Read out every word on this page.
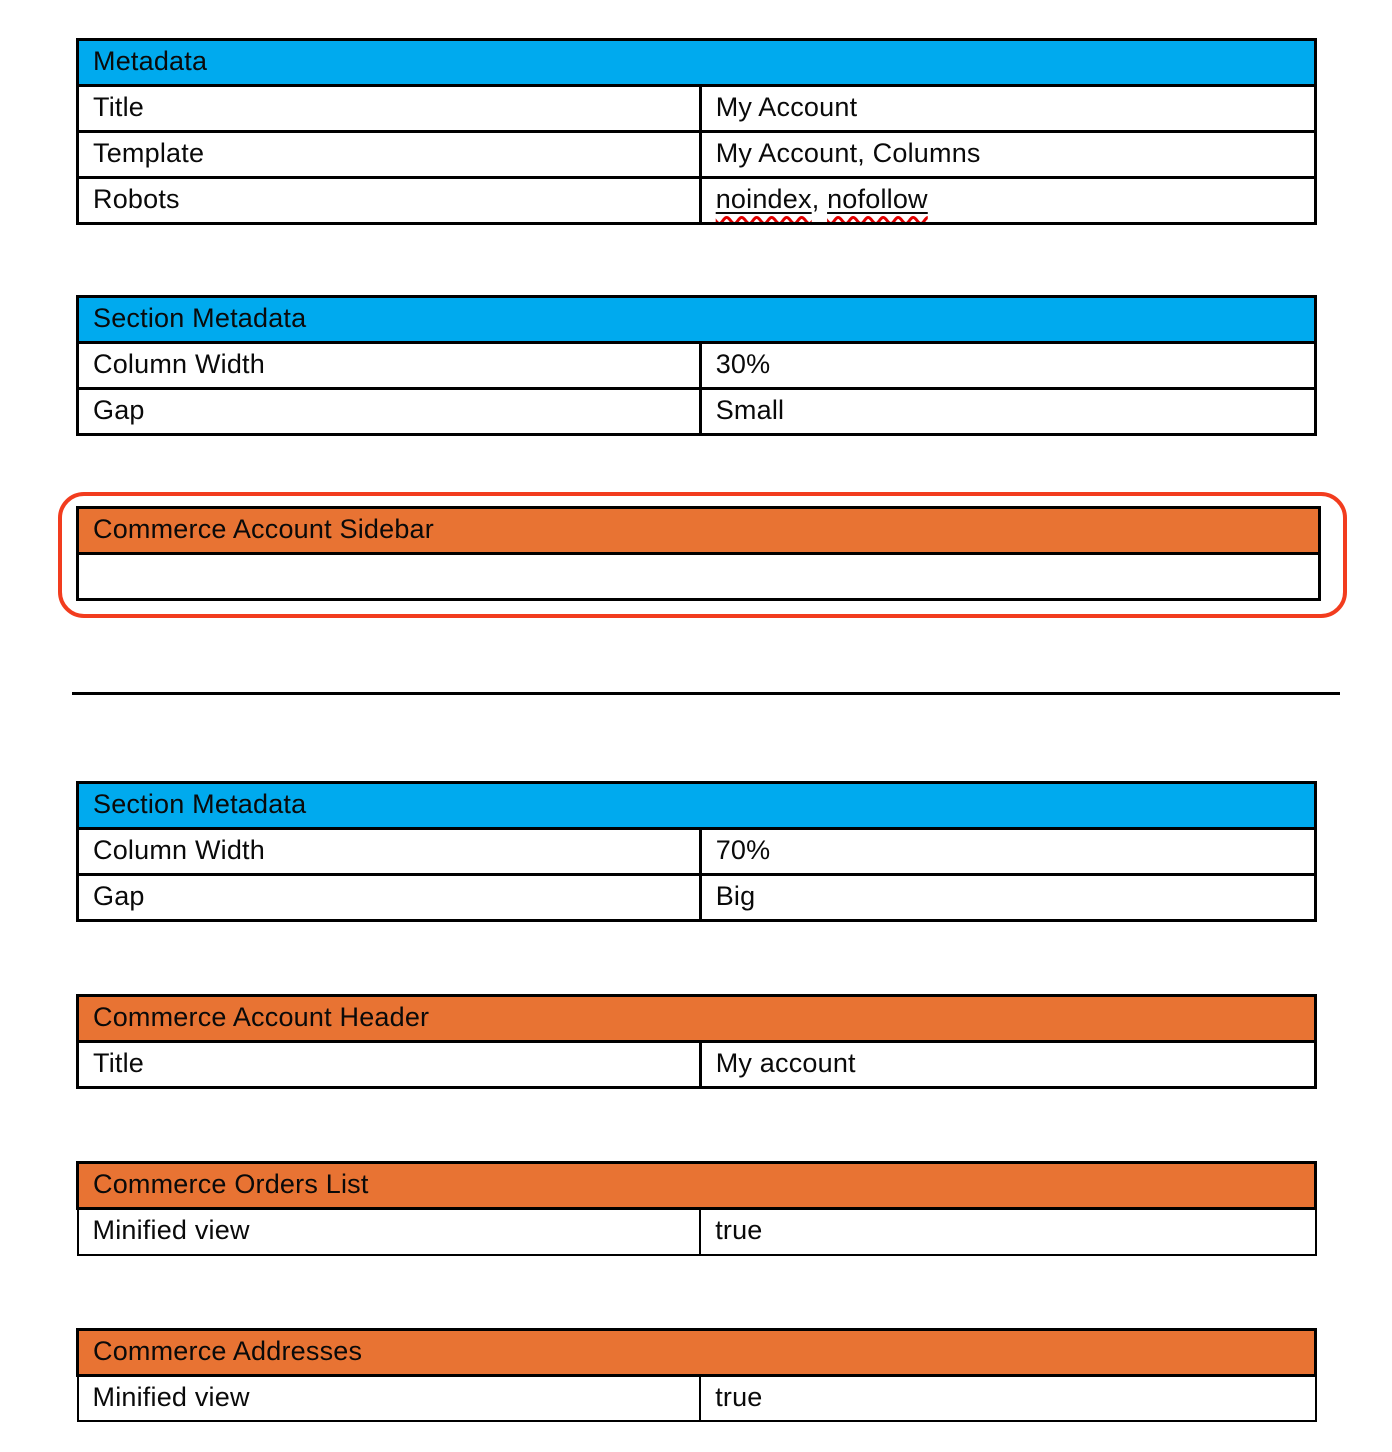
Metadata	
Title	My Account
Template	My Account, Columns
Robots	noindex, nofollow
Section Metadata	
Column Width	30%
Gap	Small
Commerce Account Sidebar

Section Metadata	
Column Width	70%
Gap	Big
Commerce Account Header
Title	My account
Commerce Orders List
Minified view	true
Commerce Addresses
Minified view	true
